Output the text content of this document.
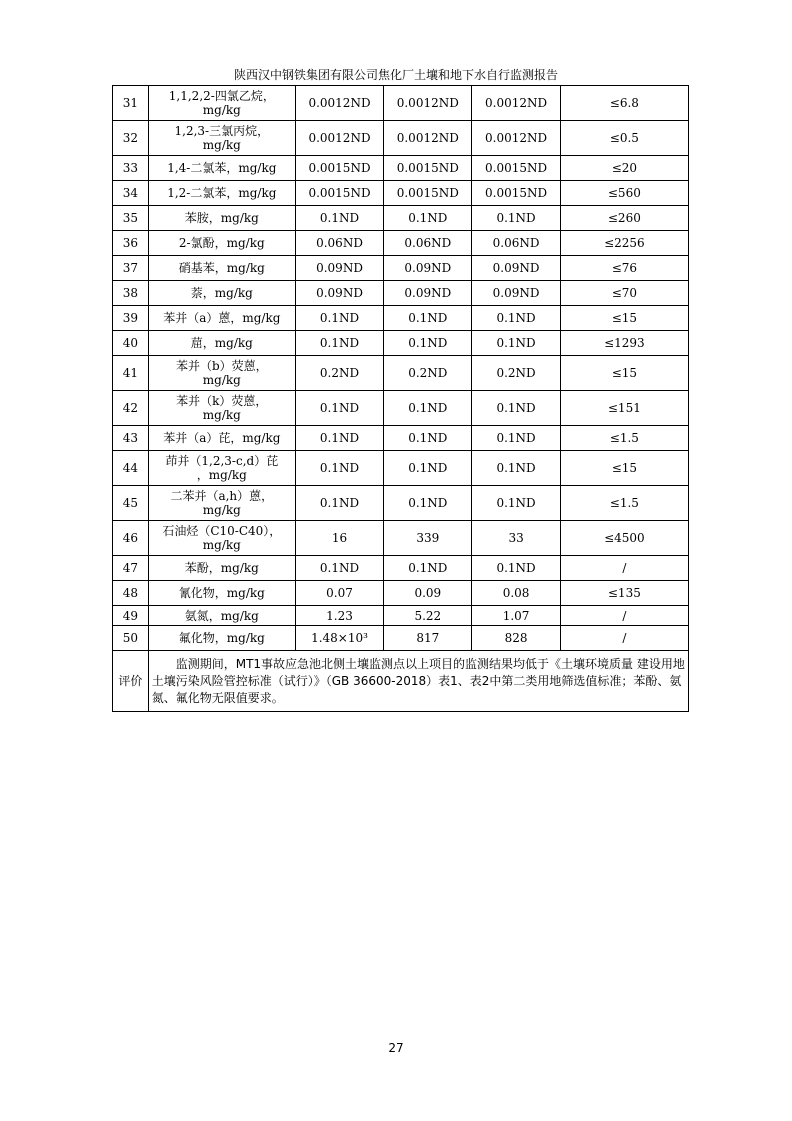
陕西汉中钢铁集团有限公司焦化厂土壤和地下水自行监测报告
31	1,1,2,2-四氯乙烷，
mg/kg	0.0012ND	0.0012ND	0.0012ND	≤6.8
32	1,2,3-三氯丙烷，
mg/kg	0.0012ND	0.0012ND	0.0012ND	≤0.5
33	1,4-二氯苯，mg/kg	0.0015ND	0.0015ND	0.0015ND	≤20
34	1,2-二氯苯，mg/kg	0.0015ND	0.0015ND	0.0015ND	≤560
35	苯胺，mg/kg	0.1ND	0.1ND	0.1ND	≤260
36	2-氯酚，mg/kg	0.06ND	0.06ND	0.06ND	≤2256
37	硝基苯，mg/kg	0.09ND	0.09ND	0.09ND	≤76
38	萘，mg/kg	0.09ND	0.09ND	0.09ND	≤70
39	苯并（a）蒽，mg/kg	0.1ND	0.1ND	0.1ND	≤15
40	䓛，mg/kg	0.1ND	0.1ND	0.1ND	≤1293
41	苯并（b）荧蒽，
mg/kg	0.2ND	0.2ND	0.2ND	≤15
42	苯并（k）荧蒽，
mg/kg	0.1ND	0.1ND	0.1ND	≤151
43	苯并（a）芘，mg/kg	0.1ND	0.1ND	0.1ND	≤1.5
44	茚并（1,2,3-c,d）芘
，mg/kg	0.1ND	0.1ND	0.1ND	≤15
45	二苯并（a,h）蒽，
mg/kg	0.1ND	0.1ND	0.1ND	≤1.5
46	石油烃（C10-C40），
mg/kg	16	339	33	≤4500
47	苯酚，mg/kg	0.1ND	0.1ND	0.1ND	/
48	氰化物，mg/kg	0.07	0.09	0.08	≤135
49	氨氮，mg/kg	1.23	5.22	1.07	/
50	氟化物，mg/kg	1.48×10³	817	828	/
评价	　　监测期间，MT1事故应急池北侧土壤监测点以上项目的监测结果均低于《土壤环境质量 建设用地土壤污染风险管控标准（试行）》（GB 36600-2018）表1、表2中第二类用地筛选值标准；苯酚、氨氮、氟化物无限值要求。				
27
